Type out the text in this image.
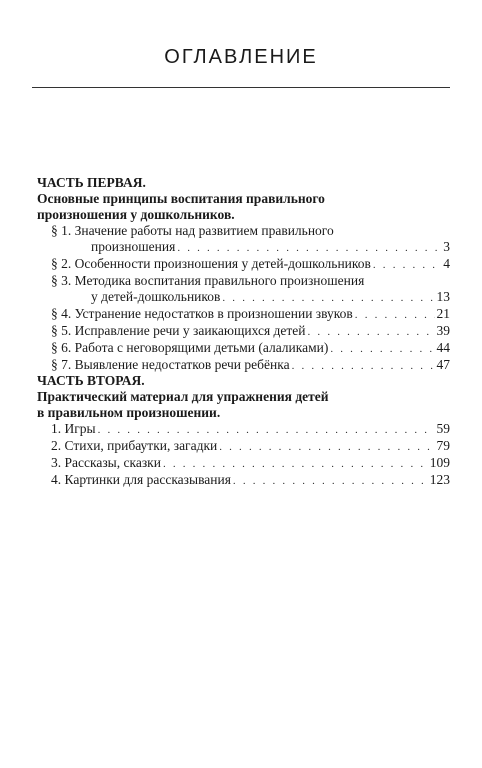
ОГЛАВЛЕНИЕ
ЧАСТЬ ПЕРВАЯ.
Основные принципы воспитания правильного
произношения у дошкольников.
§ 1. Значение работы над развитием правильного
произношения . . .	3
§ 2. Особенности произношения у детей-дошкольников . . .	4
§ 3. Методика воспитания правильного произношения
у детей-дошкольников . . .	13
§ 4. Устранение недостатков в произношении звуков . . .	21
§ 5. Исправление речи у заикающихся детей . . .	39
§ 6. Работа с неговорящими детьми (алаликами) . . .	44
§ 7. Выявление недостатков речи ребёнка . . .	47
ЧАСТЬ ВТОРАЯ.
Практический материал для упражнения детей
в правильном произношении.
1. Игры . . .	59
2. Стихи, прибаутки, загадки . . .	79
3. Рассказы, сказки . . .	109
4. Картинки для рассказывания . . .	123
